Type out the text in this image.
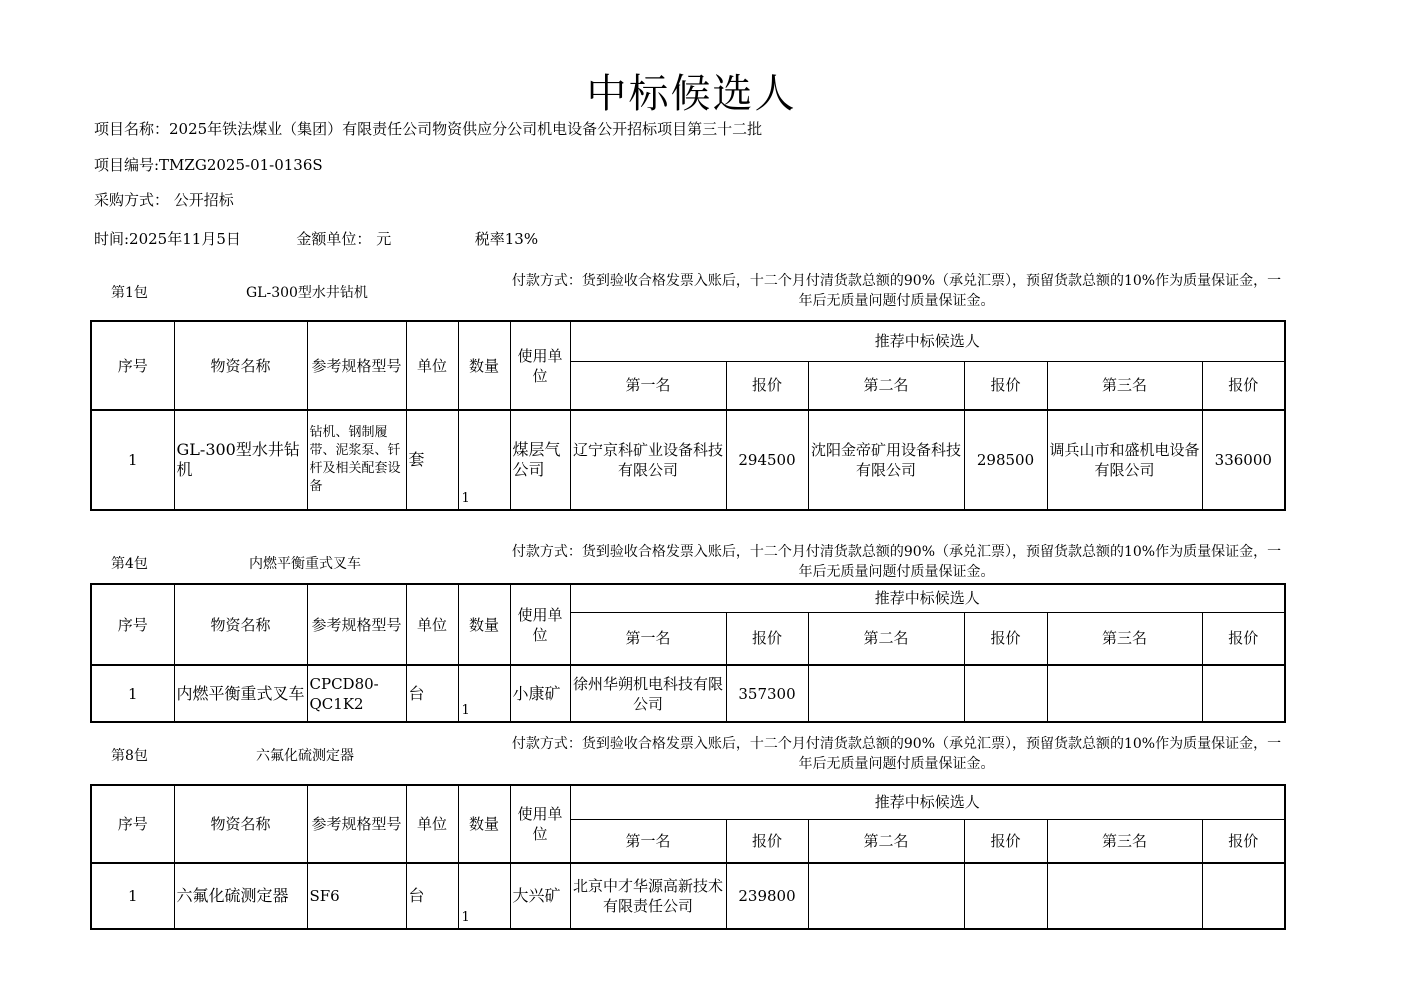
中标候选人
项目名称：2025年铁法煤业（集团）有限责任公司物资供应分公司机电设备公开招标项目第三十二批
项目编号:TMZG2025-01-0136S
采购方式： 公开招标
时间:2025年11月5日	金额单位： 元	税率13%
第1包	GL-300型水井钻机
付款方式：货到验收合格发票入账后，十二个月付清货款总额的90%（承兑汇票），预留货款总额的10%作为质量保证金，一年后无质量问题付质量保证金。
序号	物资名称	参考规格型号	单位	数量	使用单位	推荐中标候选人					
						第一名	报价	第二名	报价	第三名	报价
1	GL-300型水井钻机	钻机、钢制履带、泥浆泵、钎杆及相关配套设备	套	1	煤层气公司	辽宁京科矿业设备科技有限公司	294500	沈阳金帝矿用设备科技有限公司	298500	调兵山市和盛机电设备有限公司	336000
第4包	内燃平衡重式叉车
付款方式：货到验收合格发票入账后，十二个月付清货款总额的90%（承兑汇票），预留货款总额的10%作为质量保证金，一年后无质量问题付质量保证金。
序号	物资名称	参考规格型号	单位	数量	使用单位	推荐中标候选人					
						第一名	报价	第二名	报价	第三名	报价
1	内燃平衡重式叉车	CPCD80-QC1K2	台	1	小康矿	徐州华朔机电科技有限公司	357300				
第8包	六氟化硫测定器
付款方式：货到验收合格发票入账后，十二个月付清货款总额的90%（承兑汇票），预留货款总额的10%作为质量保证金，一年后无质量问题付质量保证金。
序号	物资名称	参考规格型号	单位	数量	使用单位	推荐中标候选人					
						第一名	报价	第二名	报价	第三名	报价
1	六氟化硫测定器	SF6	台	1	大兴矿	北京中才华源高新技术有限责任公司	239800				
